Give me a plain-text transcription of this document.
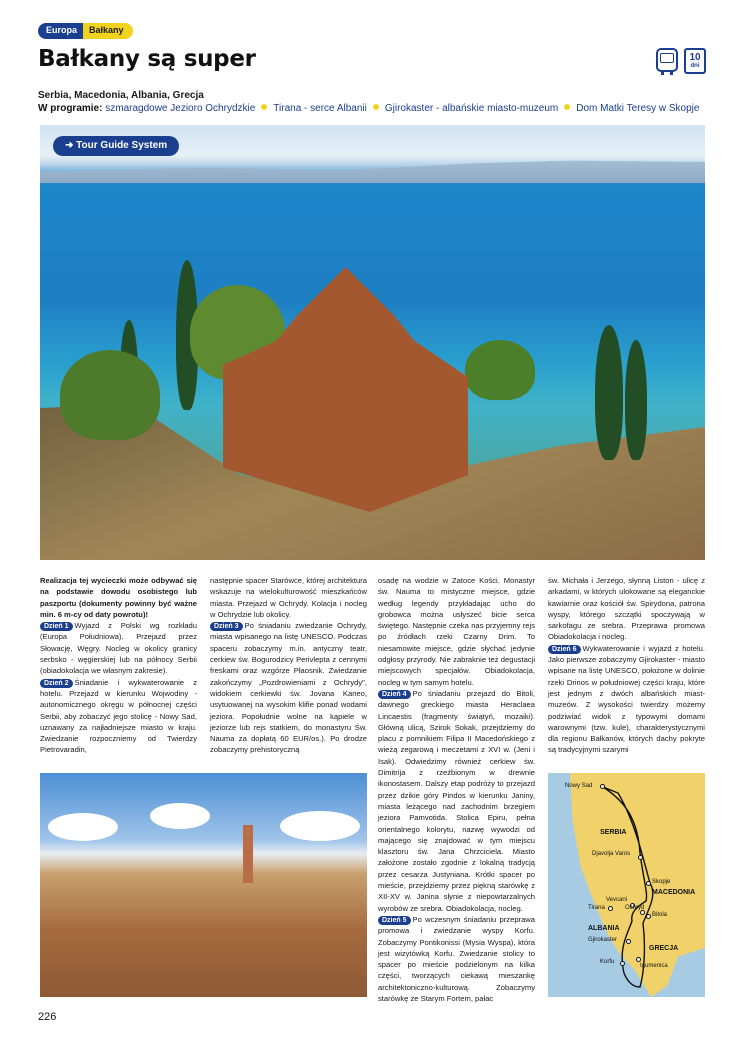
Europa	Bałkany
Bałkany są super	10
dni
Serbia, Macedonia, Albania, Grecja
W programie: szmaragdowe Jezioro Ochrydzkie Tirana - serce Albanii Gjirokaster - albańskie miasto-muzeum Dom Matki Teresy w Skopje
➜ Tour Guide System

Realizacja tej wycieczki może odbywać się na podstawie dowodu osobistego lub paszportu (dokumenty powinny być ważne min. 6 m-cy od daty powrotu)!

Dzień 1 Wyjazd z Polski wg rozkładu (Europa Południowa). Przejazd przez Słowację, Węgry. Nocleg w okolicy granicy serbsko - węgierskiej lub na północy Serbii (obiadokolacja we własnym zakresie).

Dzień 2 Śniadanie i wykwaterowanie z hotelu. Przejazd w kierunku Wojwodiny - autonomicznego okręgu w północnej części Serbii, aby zobaczyć jego stolicę - Nowy Sad, uznawany za najładniejsze miasto w kraju. Zwiedzanie rozpoczniemy od Twierdzy Pietrovaradin,

następnie spacer Starówce, której architektura wskazuje na wielokulturowość mieszkańców miasta. Przejazd w Ochrydy. Kolacja i nocleg w Ochrydzie lub okolicy.

Dzień 3 Po śniadaniu zwiedzanie Ochrydy, miasta wpisanego na listę UNESCO. Podczas spaceru zobaczymy m.in. antyczny teatr, cerkiew św. Bogurodzicy Perivlepta z cennymi freskami oraz wzgórze Płaosnik. Zwiedzanie zakończymy „Pozdrowieniami z Ochrydy", widokiem cerkiewki św. Jovana Kaneo, usytuowanej na wysokim klifie ponad wodami jeziora. Popołudnie wolne na kąpiele w jeziorze lub rejs statkiem, do monastyru Św. Nauma za dopłatą 60 EUR/os.). Po drodze zobaczymy prehistoryczną

osadę na wodzie w Zatoce Kości. Monastyr św. Nauma to mistyczne miejsce, gdzie według legendy przykładając ucho do grobowca można usłyszeć bicie serca świętego. Następnie czeka nas przyjemny rejs po źródłach rzeki Czarny Drim. To niesamowite miejsce, gdzie słychać jedynie odgłosy przyrody. Nie zabraknie też degustacji miejscowych specjałów. Obiadokolacja, nocleg w tym samym hotelu.

Dzień 4 Po śniadaniu przejazd do Bitoli, dawnego greckiego miasta Heraclaea Lincaestis (fragmenty świątyń, mozaiki). Główną ulicą, Szirok Sokak, przejdziemy do placu z pomnikiem Filipa II Macedońskiego z wieżą zegarową i meczetami z XVI w. (Jeni i Isak). Odwiedzimy również cerkiew św. Dimitrija z rzeźbionym w drewnie ikonostasem. Dalszy etap podróży to przejazd przez dzikie góry Pindos w kierunku Janiny, miasta leżącego nad zachodnim brzegiem jeziora Pamvotida. Stolica Epiru, pełna orientalnego kolorytu, nazwę wywodzi od mającego się znajdować w tym miejscu klasztoru św. Jana Chrzciciela. Miasto założone zostało zgodnie z lokalną tradycją przez cesarza Justyniana. Krótki spacer po mieście, przejdziemy przez piękną starówkę z XII-XV w. Janina słynie z niepowtarzalnych wyrobów ze srebra. Obiadokolacja, nocleg.

Dzień 5 Po wczesnym śniadaniu przeprawa promowa i zwiedzanie wyspy Korfu. Zobaczymy Pontikonissi (Mysia Wyspa), która jest wizytówką Korfu. Zwiedzanie stolicy to spacer po mieście podzielonym na kilka części, tworzących ciekawą mieszankę architektoniczno-kulturową. Zobaczymy starówkę ze Starym Fortem, pałac

św. Michała i Jerzego, słynną Liston - ulicę z arkadami, w których ulokowane są eleganckie kawiarnie oraz kościół św. Spirydona, patrona wyspy, którego szczątki spoczywają w sarkofagu ze srebra. Przeprawa promowa Obiadokolacja i nocleg.

Dzień 6 Wykwaterowanie i wyjazd z hotelu. Jako pierwsze zobaczymy Gjirokaster - miasto wpisane na listę UNESCO, położone w dolinie rzeki Drinos w południowej części kraju, które jest jednym z dwóch albańskich miast-muzeów. Z wysokości twierdzy możemy podziwiać widok z typowymi domami warownymi (tzw. kule), charakterystycznymi dla regionu Bałkanów, których dachy pokryte są tradycyjnymi szarymi

SERBIA
MACEDONIA
ALBANIA
GRECJA
Nowy Sad
Djavolja Varos
Skopje
Vevcani
Ochryd
Tirana
Bitola
Gjirokaster
Korfu
Igumenica
226
